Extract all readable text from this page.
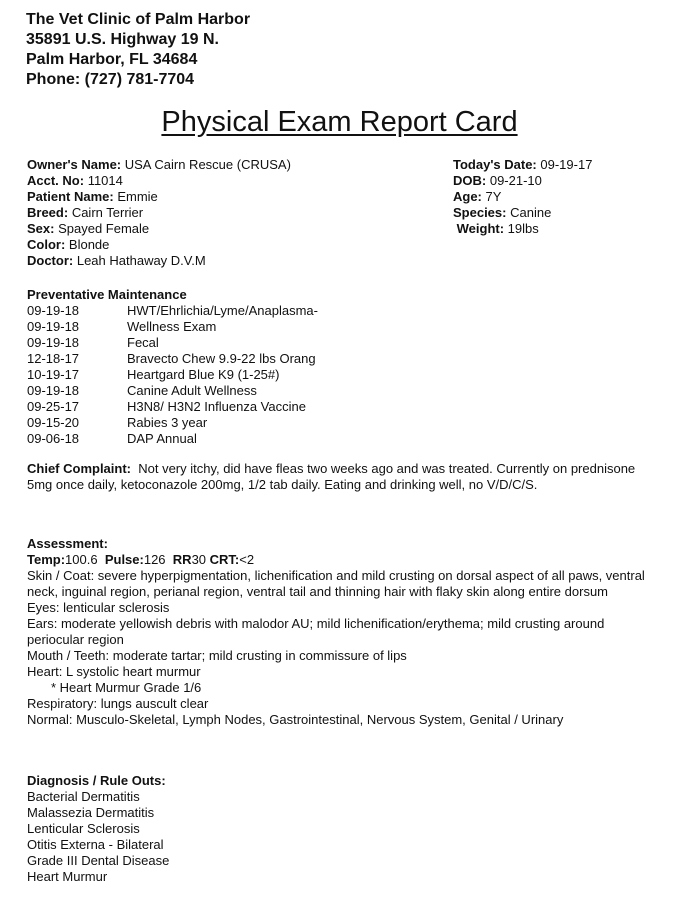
The Vet Clinic of Palm Harbor
35891 U.S. Highway 19 N.
Palm Harbor, FL 34684
Phone: (727) 781-7704
Physical Exam Report Card
Owner's Name: USA Cairn Rescue (CRUSA)
Acct. No: 11014
Patient Name: Emmie
Breed: Cairn Terrier
Sex: Spayed Female
Color: Blonde
Doctor: Leah Hathaway D.V.M
Today's Date: 09-19-17
DOB: 09-21-10
Age: 7Y
Species: Canine
Weight: 19lbs
Preventative Maintenance
09-19-18	HWT/Ehrlichia/Lyme/Anaplasma-
09-19-18	Wellness Exam
09-19-18	Fecal
12-18-17	Bravecto Chew 9.9-22 lbs Orang
10-19-17	Heartgard Blue K9 (1-25#)
09-19-18	Canine Adult Wellness
09-25-17	H3N8/ H3N2 Influenza Vaccine
09-15-20	Rabies 3 year
09-06-18	DAP Annual
Chief Complaint: Not very itchy, did have fleas two weeks ago and was treated. Currently on prednisone 5mg once daily, ketoconazole 200mg, 1/2 tab daily. Eating and drinking well, no V/D/C/S.
Assessment:
Temp:100.6 Pulse:126 RR30 CRT:<2
Skin / Coat: severe hyperpigmentation, lichenification and mild crusting on dorsal aspect of all paws, ventral neck, inguinal region, perianal region, ventral tail and thinning hair with flaky skin along entire dorsum
Eyes: lenticular sclerosis
Ears: moderate yellowish debris with malodor AU; mild lichenification/erythema; mild crusting around periocular region
Mouth / Teeth: moderate tartar; mild crusting in commissure of lips
Heart: L systolic heart murmur
* Heart Murmur Grade 1/6
Respiratory: lungs auscult clear
Normal: Musculo-Skeletal, Lymph Nodes, Gastrointestinal, Nervous System, Genital / Urinary
Diagnosis / Rule Outs:
Bacterial Dermatitis
Malassezia Dermatitis
Lenticular Sclerosis
Otitis Externa - Bilateral
Grade III Dental Disease
Heart Murmur
